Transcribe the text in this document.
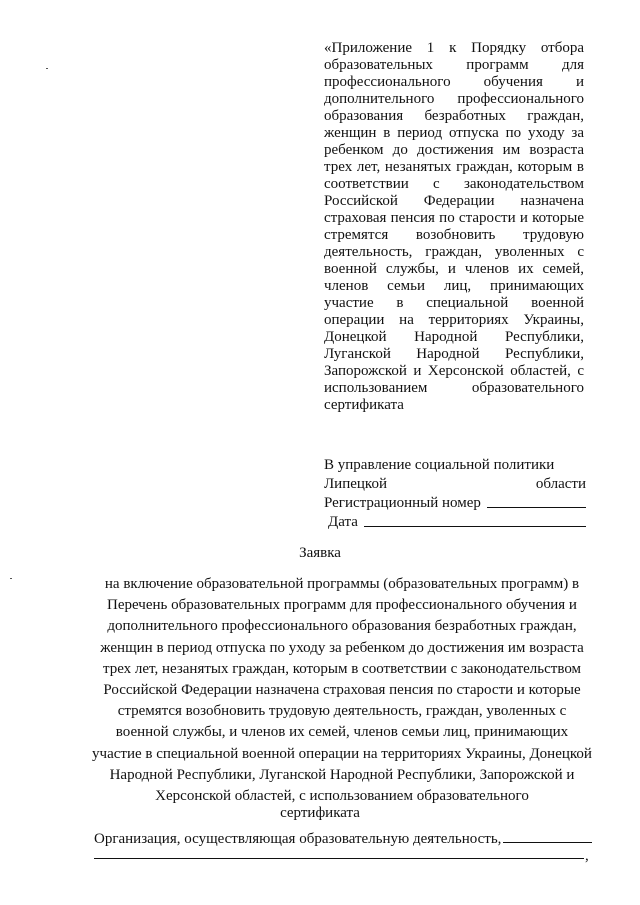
«Приложение 1 к Порядку отбора образовательных программ для профессионального обучения и дополнительного профессионального образования безработных граждан, женщин в период отпуска по уходу за ребенком до достижения им возраста трех лет, незанятых граждан, которым в соответствии с законодательством Российской Федерации назначена страховая пенсия по старости и которые стремятся возобновить трудовую деятельность, граждан, уволенных с военной службы, и членов их семей, членов семьи лиц, принимающих участие в специальной военной операции на территориях Украины, Донецкой Народной Республики, Луганской Народной Республики, Запорожской и Херсонской областей, с использованием образовательного сертификата
В управление социальной политики
Липецкой	области
Регистрационный номер
Дата
Заявка
на включение образовательной программы (образовательных программ) в Перечень образовательных программ для профессионального обучения и дополнительного профессионального образования безработных граждан, женщин в период отпуска по уходу за ребенком до достижения им возраста трех лет, незанятых граждан, которым в соответствии с законодательством Российской Федерации назначена страховая пенсия по старости и которые стремятся возобновить трудовую деятельность, граждан, уволенных с военной службы, и членов их семей, членов семьи лиц, принимающих участие в специальной военной операции на территориях Украины, Донецкой Народной Республики, Луганской Народной Республики, Запорожской и Херсонской областей, с использованием образовательного
сертификата
Организация, осуществляющая образовательную деятельность,
,
